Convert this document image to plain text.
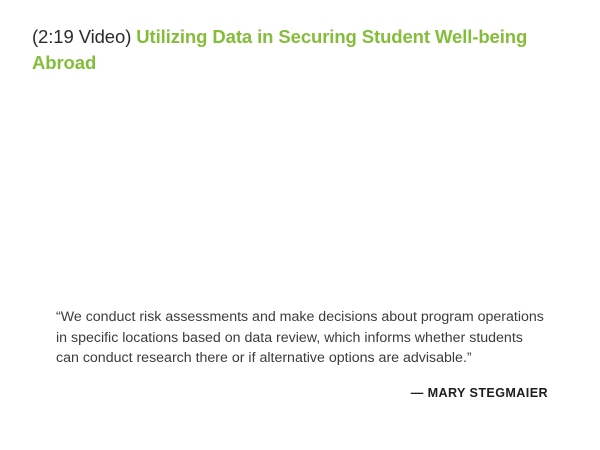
(2:19 Video) Utilizing Data in Securing Student Well-being Abroad

“We conduct risk assessments and make decisions about program operations in specific locations based on data review, which informs whether students can conduct research there or if alternative options are advisable.”

— MARY STEGMAIER
